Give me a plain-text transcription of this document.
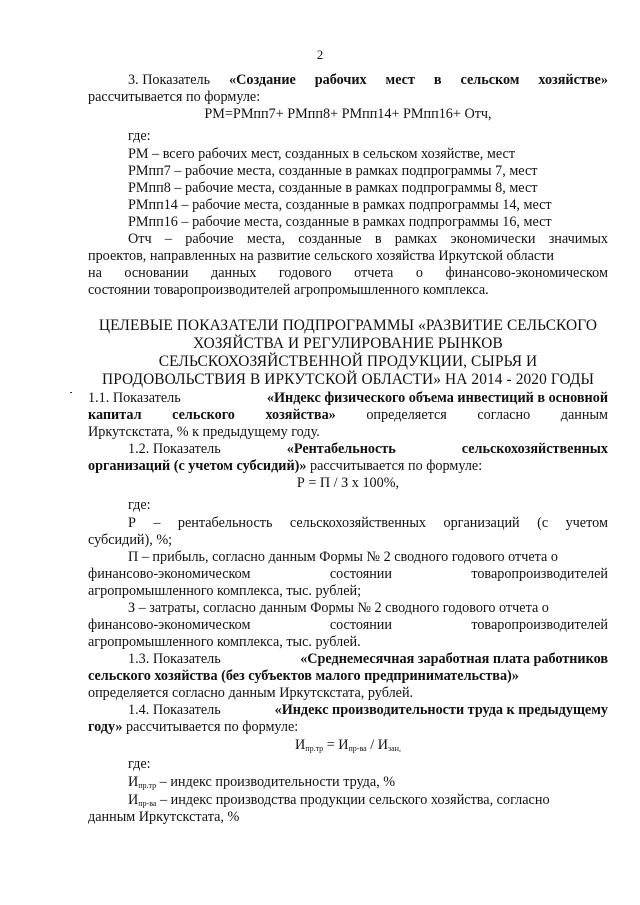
2
3. Показатель «Создание рабочих мест в сельском хозяйстве»
рассчитывается по формуле:
РМ=РМпп7+ РМпп8+ РМпп14+ РМпп16+ Отч,
где:
РМ – всего рабочих мест, созданных в сельском хозяйстве, мест
РМпп7 – рабочие места, созданные в рамках подпрограммы 7, мест
РМпп8 – рабочие места, созданные в рамках подпрограммы 8, мест
РМпп14 – рабочие места, созданные в рамках подпрограммы 14, мест
РМпп16 – рабочие места, созданные в рамках подпрограммы 16, мест
Отч – рабочие места, созданные в рамках экономически значимых
проектов, направленных на развитие сельского хозяйства Иркутской области
на основании данных годового отчета о финансово-экономическом
состоянии товаропроизводителей агропромышленного комплекса.
ЦЕЛЕВЫЕ ПОКАЗАТЕЛИ ПОДПРОГРАММЫ «РАЗВИТИЕ СЕЛЬСКОГО
ХОЗЯЙСТВА И РЕГУЛИРОВАНИЕ РЫНКОВ
СЕЛЬСКОХОЗЯЙСТВЕННОЙ ПРОДУКЦИИ, СЫРЬЯ И
ПРОДОВОЛЬСТВИЯ В ИРКУТСКОЙ ОБЛАСТИ» НА 2014 - 2020 ГОДЫ
1.1. Показатель	«Индекс физического объема инвестиций в основной
капитал сельского хозяйства» определяется согласно данным
Иркутскстата, % к предыдущему году.
1.2. Показатель	«Рентабельность	сельскохозяйственных
организаций (с учетом субсидий)» рассчитывается по формуле:
Р = П / З х 100%,
где:
Р – рентабельность сельскохозяйственных организаций (с учетом
субсидий), %;
П – прибыль, согласно данным Формы № 2 сводного годового отчета о
финансово-экономическом	состоянии	товаропроизводителей
агропромышленного комплекса, тыс. рублей;
З – затраты, согласно данным Формы № 2 сводного годового отчета о
финансово-экономическом	состоянии	товаропроизводителей
агропромышленного комплекса, тыс. рублей.
1.3. Показатель	«Среднемесячная заработная плата работников
сельского хозяйства (без субъектов малого предпринимательства)»
определяется согласно данным Иркутскстата, рублей.
1.4. Показатель	«Индекс производительности труда к предыдущему
году» рассчитывается по формуле:
$И_{пр.тр} = И_{пр-ва} / И_{зан,}$
где:
$И_{пр.тр}$ – индекс производительности труда, %
$И_{пр-ва}$ – индекс производства продукции сельского хозяйства, согласно
данным Иркутскстата, %
